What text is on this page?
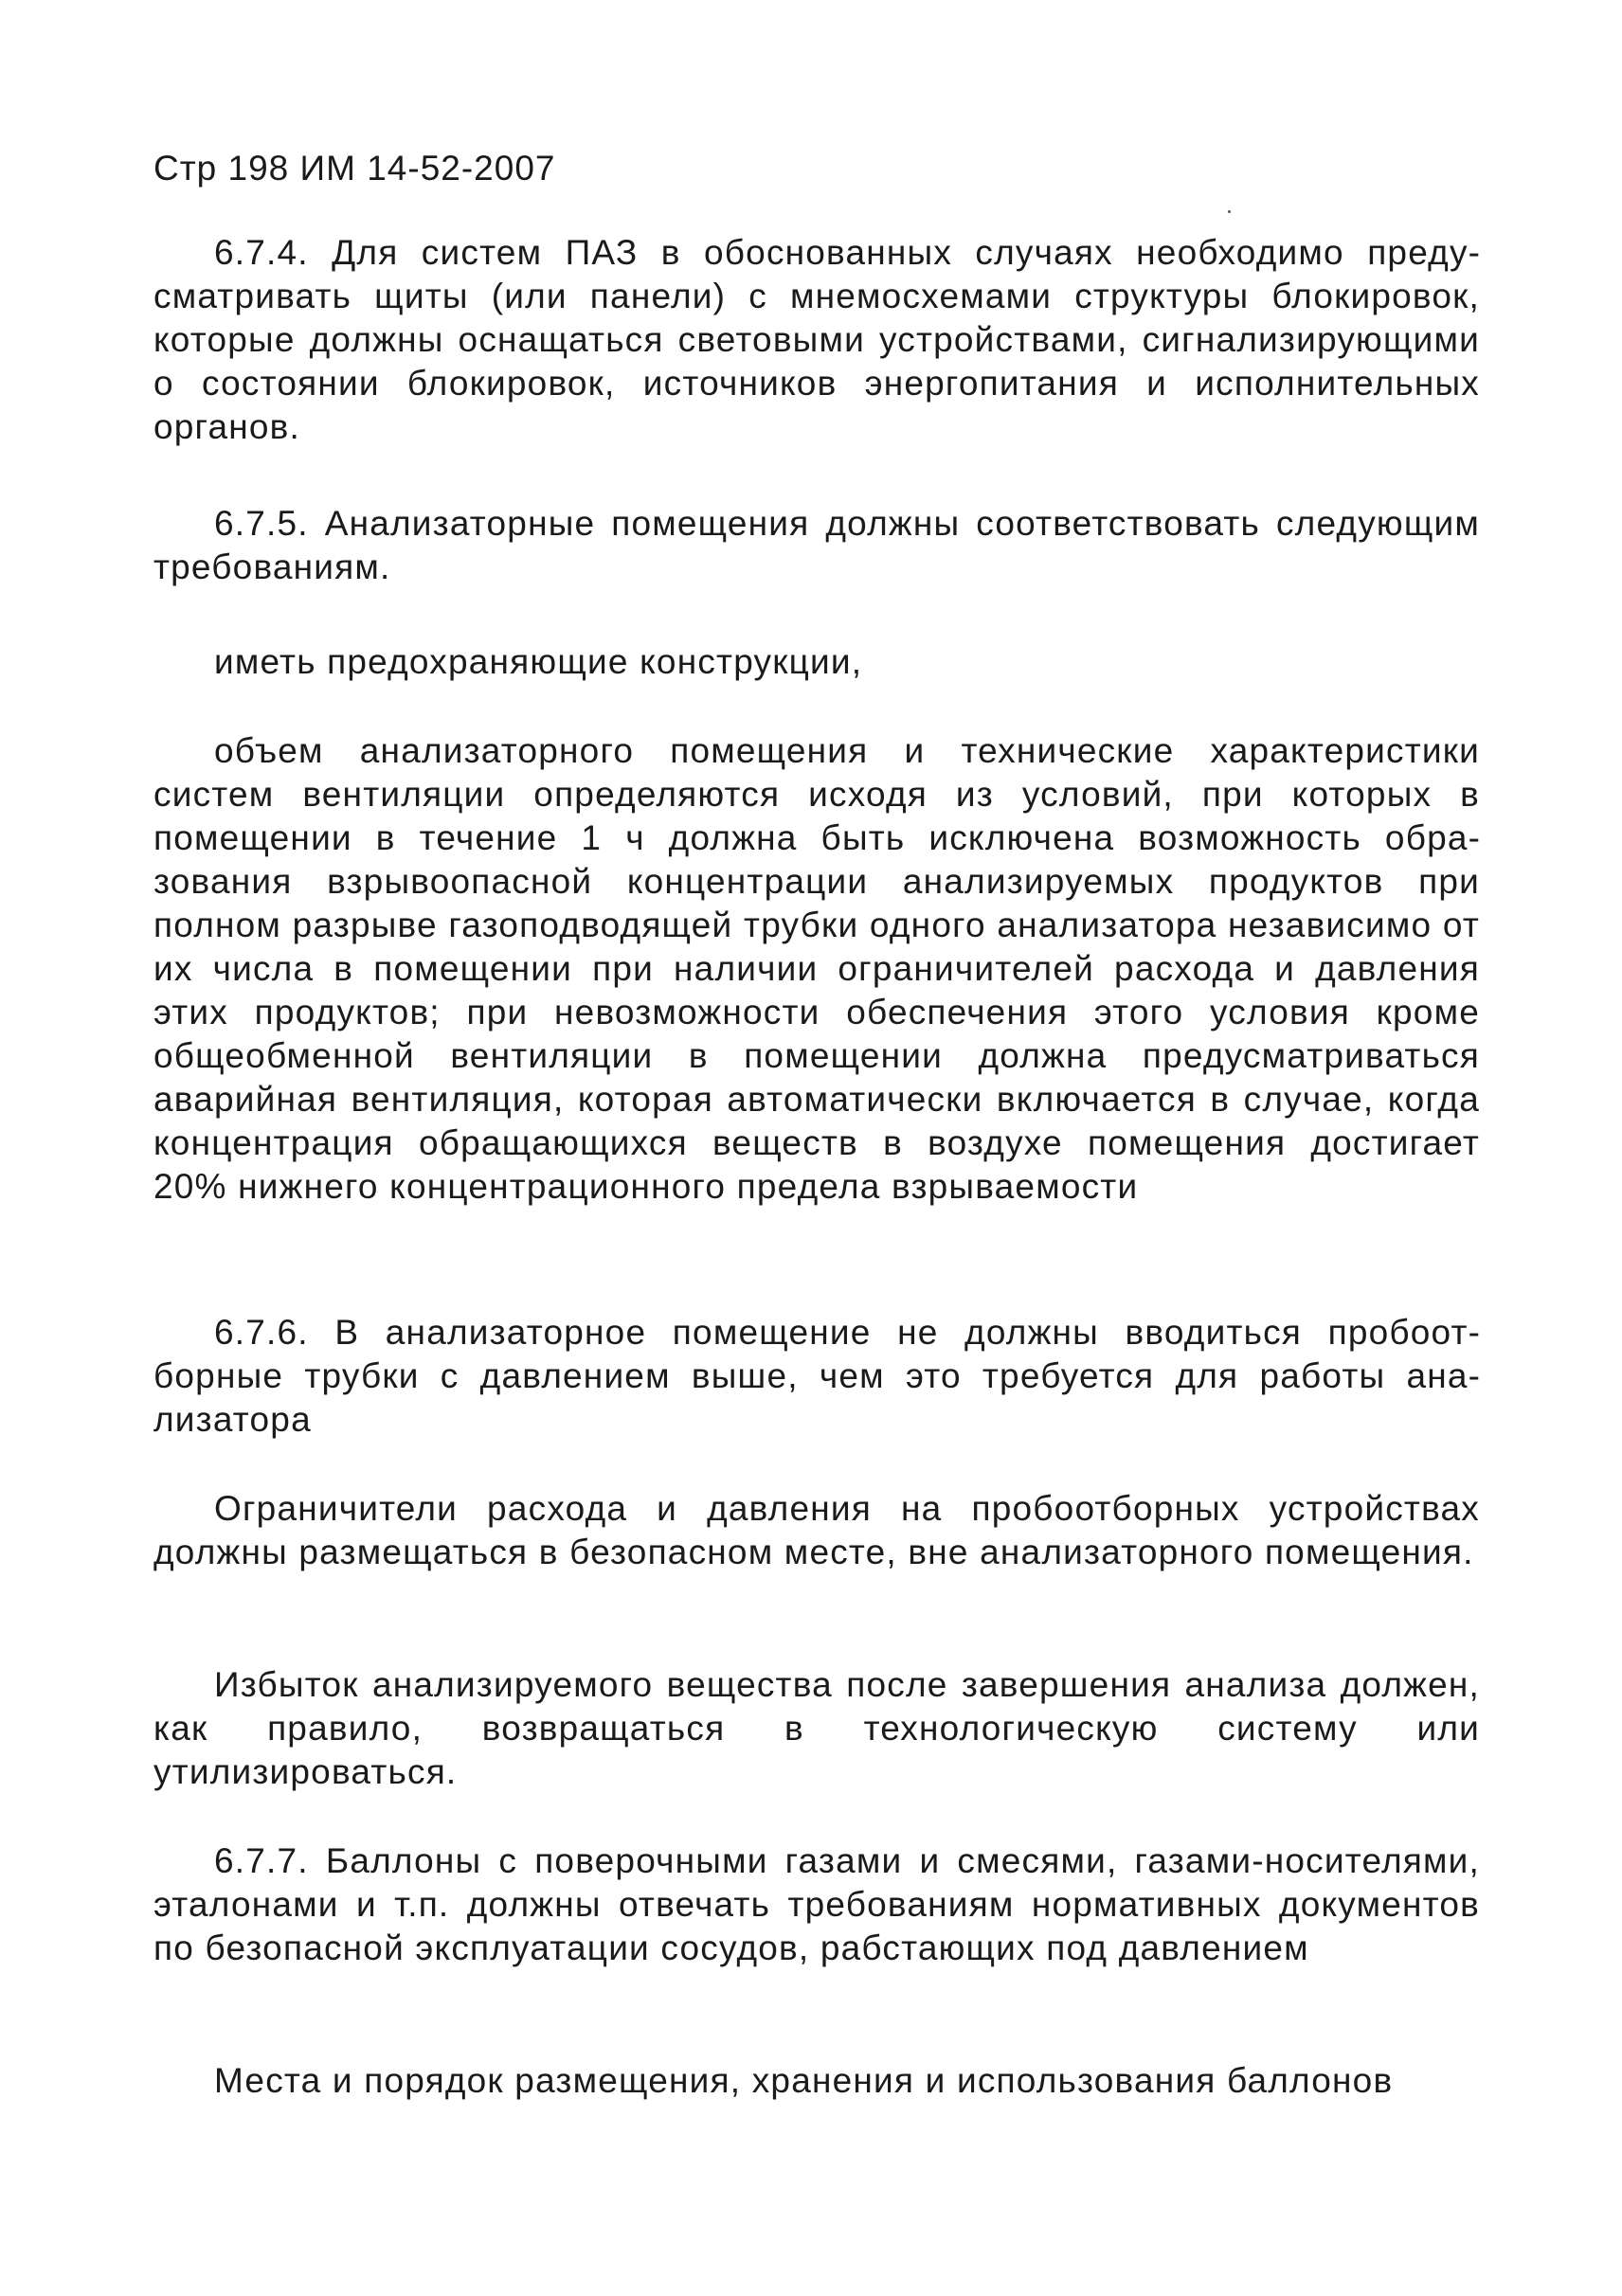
Стр 198 ИМ 14-52-2007

6.7.4. Для систем ПАЗ в обоснованных случаях необходимо предусматривать щиты (или панели) с мнемосхемами структуры блокировок, которые должны оснащаться световыми устройствами, сигнализирующими о состоянии блокировок, источников энергопитания и исполнительных органов.

6.7.5. Анализаторные помещения должны соответствовать следующим требованиям.

иметь предохраняющие конструкции,

объем анализаторного помещения и технические характеристики систем вентиляции определяются исходя из условий, при которых в помещении в течение 1 ч должна быть исключена возможность образования взрывоопасной концентрации анализируемых продуктов при полном разрыве газоподводящей трубки одного анализатора независимо от их числа в помещении при наличии ограничителей расхода и давления этих продуктов; при невозможности обеспечения этого условия кроме общеобменной вентиляции в помещении должна предусматриваться аварийная вентиляция, которая автоматически включается в случае, когда концентрация обращающихся веществ в воздухе помещения достигает 20% нижнего концентрационного предела взрываемости

6.7.6. В анализаторное помещение не должны вводиться пробоотборные трубки с давлением выше, чем это требуется для работы анализатора

Ограничители расхода и давления на пробоотборных устройствах должны размещаться в безопасном месте, вне анализаторного помещения.

Избыток анализируемого вещества после завершения анализа должен, как правило, возвращаться в технологическую систему или утилизироваться.

6.7.7. Баллоны с поверочными газами и смесями, газами-носителями, эталонами и т.п. должны отвечать требованиям нормативных документов по безопасной эксплуатации сосудов, рабстающих под давлением

Места и порядок размещения, хранения и использования баллонов
